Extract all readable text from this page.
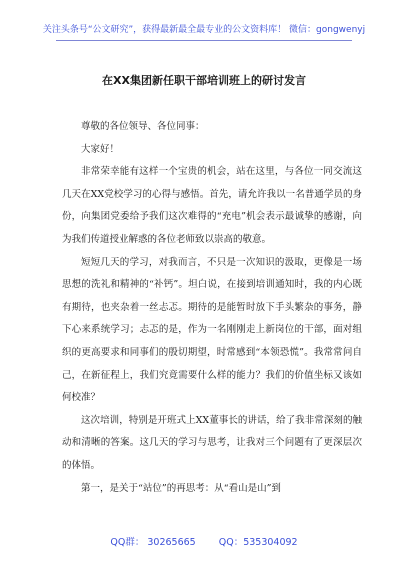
关注头条号“公文研究”，获得最新最全最专业的公文资料库！ 微信：gongwenyj
在XX集团新任职干部培训班上的研讨发言

尊敬的各位领导、各位同事：

大家好！

非常荣幸能有这样一个宝贵的机会，站在这里，与各位一同交流这几天在XX党校学习的心得与感悟。首先，请允许我以一名普通学员的身份，向集团党委给予我们这次难得的“充电”机会表示最诚挚的感谢，向为我们传道授业解惑的各位老师致以崇高的敬意。

短短几天的学习，对我而言，不只是一次知识的汲取，更像是一场思想的洗礼和精神的“补钙”。坦白说，在接到培训通知时，我的内心既有期待，也夹杂着一丝忐忑。期待的是能暂时放下手头繁杂的事务，静下心来系统学习；忐忑的是，作为一名刚刚走上新岗位的干部，面对组织的更高要求和同事们的殷切期望，时常感到“本领恐慌”。我常常问自己，在新征程上，我们究竟需要什么样的能力？我们的价值坐标又该如何校准？

这次培训，特别是开班式上XX董事长的讲话，给了我非常深刻的触动和清晰的答案。这几天的学习与思考，让我对三个问题有了更深层次的体悟。

第一，是关于“站位”的再思考：从“看山是山”到

QQ群： 30265665 QQ：535304092
